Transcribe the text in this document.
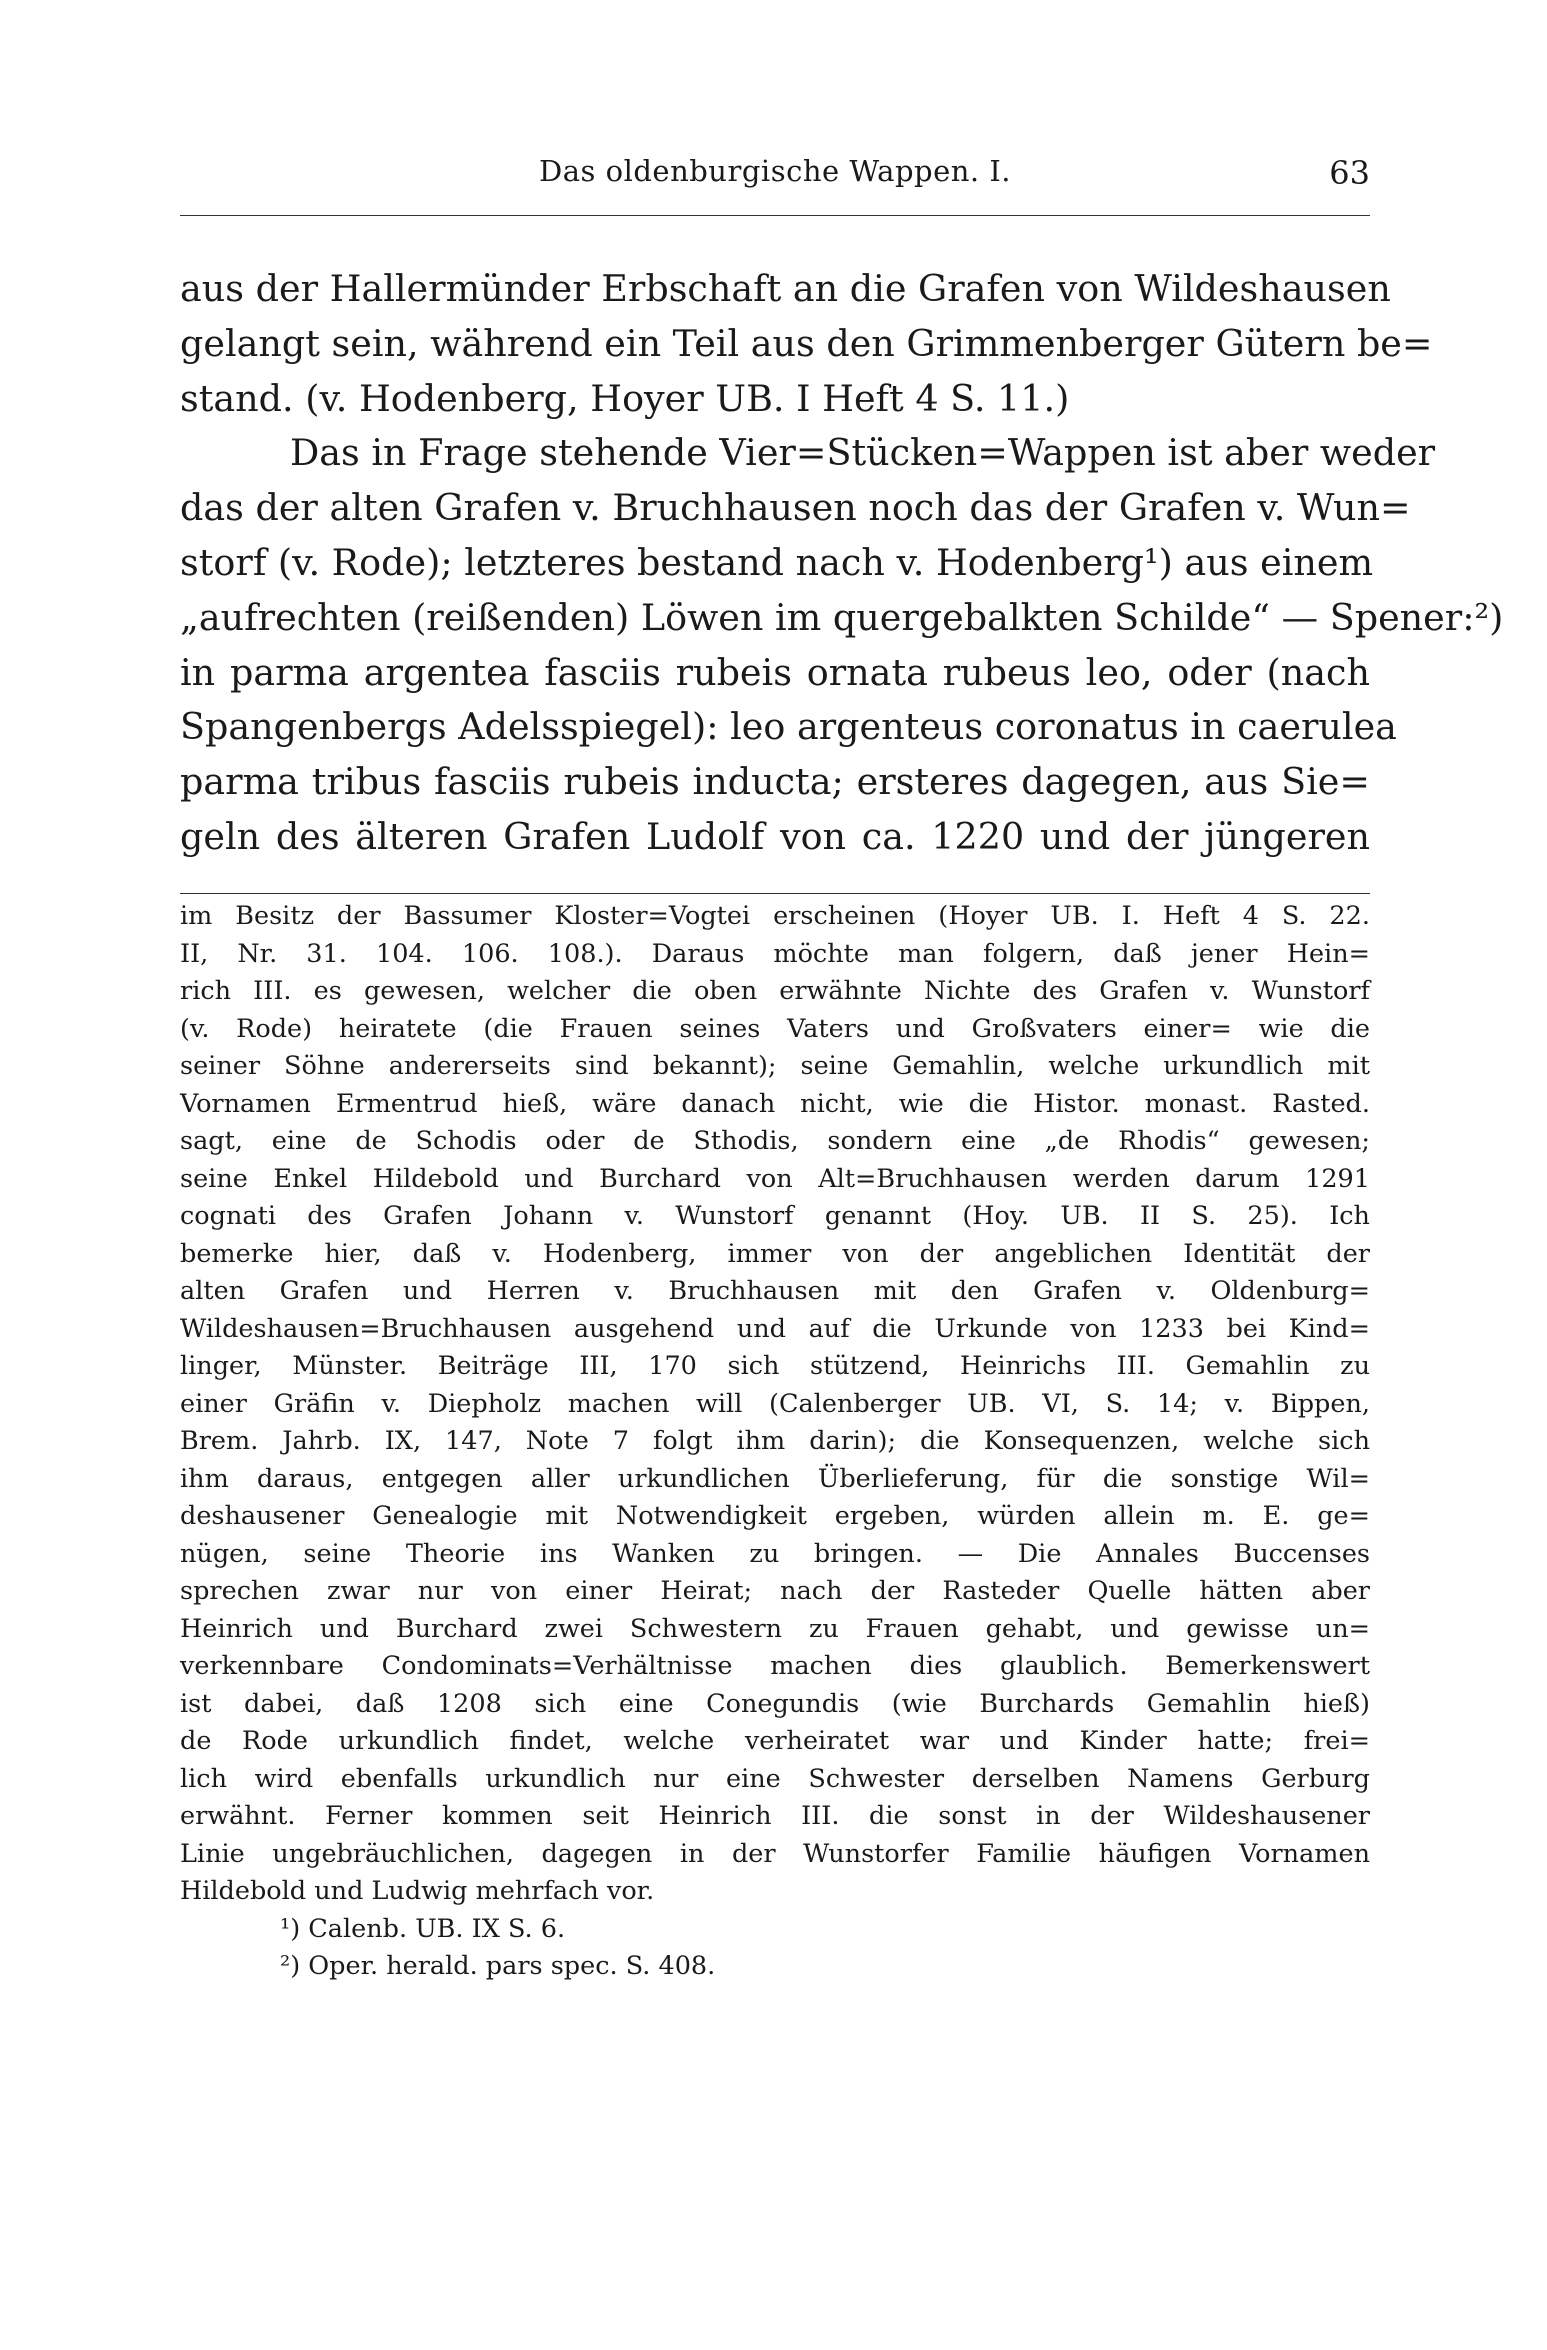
Das oldenburgische Wappen. I.	63
aus der Hallermünder Erbschaft an die Grafen von Wildeshausen
gelangt sein, während ein Teil aus den Grimmenberger Gütern be=
stand. (v. Hodenberg, Hoyer UB. I Heft 4 S. 11.)
Das in Frage stehende Vier=Stücken=Wappen ist aber weder
das der alten Grafen v. Bruchhausen noch das der Grafen v. Wun=
storf (v. Rode); letzteres bestand nach v. Hodenberg¹) aus einem
„aufrechten (reißenden) Löwen im quergebalkten Schilde“ — Spener:²)
in parma argentea fasciis rubeis ornata rubeus leo, oder (nach
Spangenbergs Adelsspiegel): leo argenteus coronatus in caerulea
parma tribus fasciis rubeis inducta; ersteres dagegen, aus Sie=
geln des älteren Grafen Ludolf von ca. 1220 und der jüngeren
im Besitz der Bassumer Kloster=Vogtei erscheinen (Hoyer UB. I. Heft 4 S. 22.
II, Nr. 31. 104. 106. 108.). Daraus möchte man folgern, daß jener Hein=
rich III. es gewesen, welcher die oben erwähnte Nichte des Grafen v. Wunstorf
(v. Rode) heiratete (die Frauen seines Vaters und Großvaters einer= wie die
seiner Söhne andererseits sind bekannt); seine Gemahlin, welche urkundlich mit
Vornamen Ermentrud hieß, wäre danach nicht, wie die Histor. monast. Rasted.
sagt, eine de Schodis oder de Sthodis, sondern eine „de Rhodis“ gewesen;
seine Enkel Hildebold und Burchard von Alt=Bruchhausen werden darum 1291
cognati des Grafen Johann v. Wunstorf genannt (Hoy. UB. II S. 25). Ich
bemerke hier, daß v. Hodenberg, immer von der angeblichen Identität der
alten Grafen und Herren v. Bruchhausen mit den Grafen v. Oldenburg=
Wildeshausen=Bruchhausen ausgehend und auf die Urkunde von 1233 bei Kind=
linger, Münster. Beiträge III, 170 sich stützend, Heinrichs III. Gemahlin zu
einer Gräfin v. Diepholz machen will (Calenberger UB. VI, S. 14; v. Bippen,
Brem. Jahrb. IX, 147, Note 7 folgt ihm darin); die Konsequenzen, welche sich
ihm daraus, entgegen aller urkundlichen Überlieferung, für die sonstige Wil=
deshausener Genealogie mit Notwendigkeit ergeben, würden allein m. E. ge=
nügen, seine Theorie ins Wanken zu bringen. — Die Annales Buccenses
sprechen zwar nur von einer Heirat; nach der Rasteder Quelle hätten aber
Heinrich und Burchard zwei Schwestern zu Frauen gehabt, und gewisse un=
verkennbare Condominats=Verhältnisse machen dies glaublich. Bemerkenswert
ist dabei, daß 1208 sich eine Conegundis (wie Burchards Gemahlin hieß)
de Rode urkundlich findet, welche verheiratet war und Kinder hatte; frei=
lich wird ebenfalls urkundlich nur eine Schwester derselben Namens Gerburg
erwähnt. Ferner kommen seit Heinrich III. die sonst in der Wildeshausener
Linie ungebräuchlichen, dagegen in der Wunstorfer Familie häufigen Vornamen
Hildebold und Ludwig mehrfach vor.
¹) Calenb. UB. IX S. 6.
²) Oper. herald. pars spec. S. 408.
